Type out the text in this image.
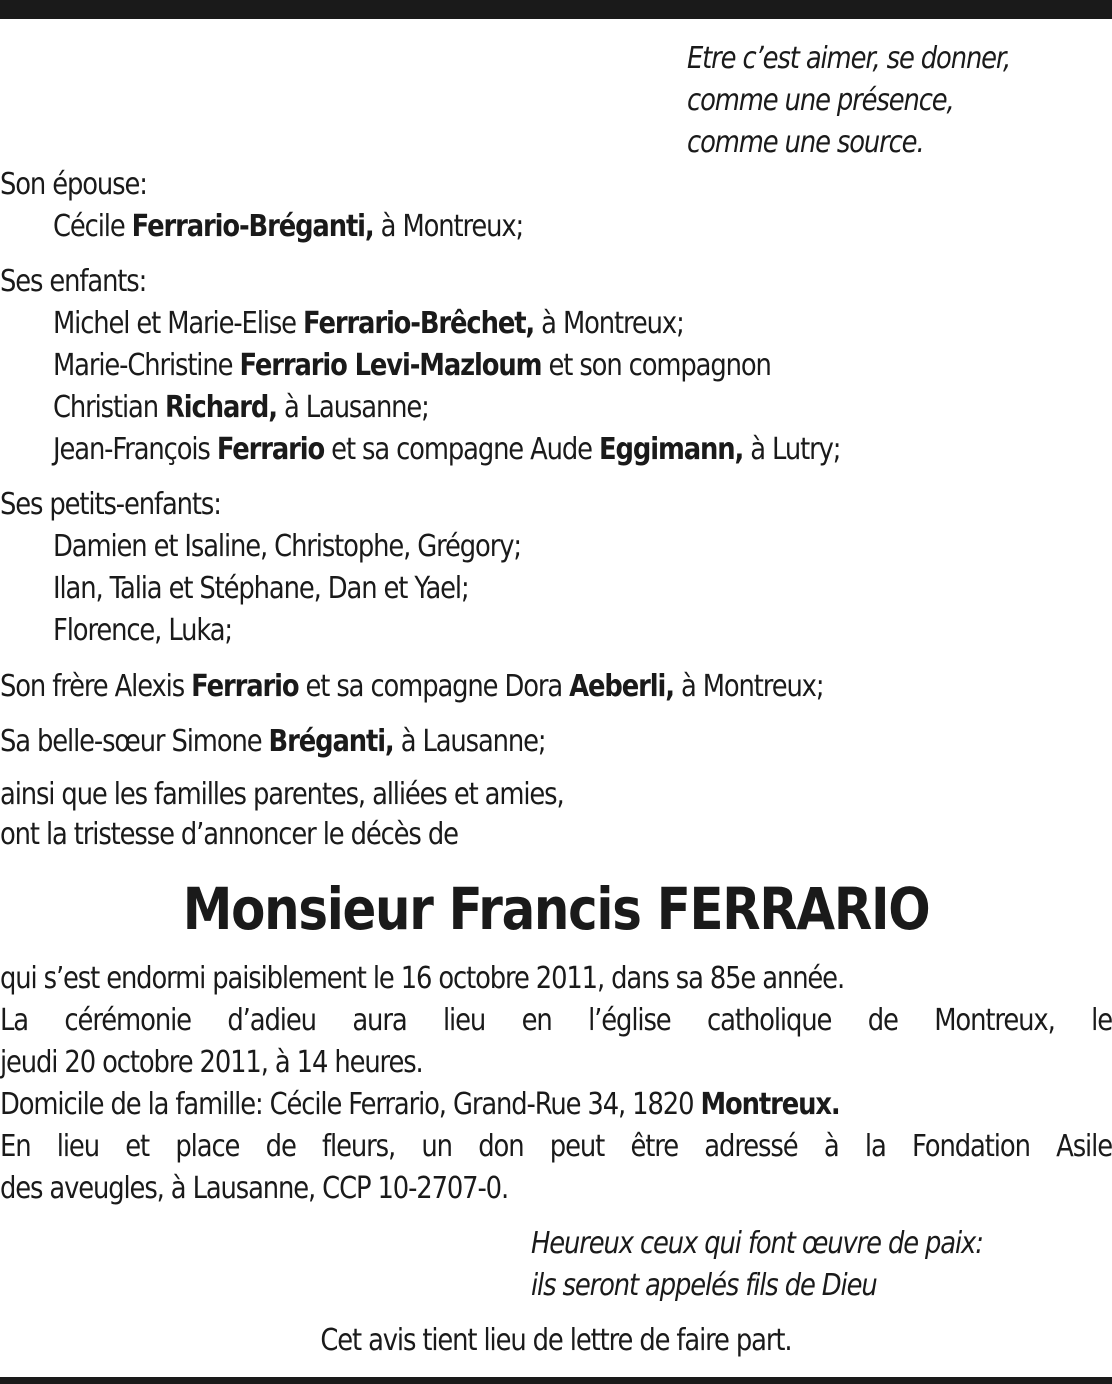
Etre c’est aimer, se donner,
comme une présence,
comme une source.
Son épouse:
Cécile Ferrario-Bréganti, à Montreux;
Ses enfants:
Michel et Marie-Elise Ferrario-Brêchet, à Montreux;
Marie-Christine Ferrario Levi-Mazloum et son compagnon
Christian Richard, à Lausanne;
Jean-François Ferrario et sa compagne Aude Eggimann, à Lutry;
Ses petits-enfants:
Damien et Isaline, Christophe, Grégory;
Ilan, Talia et Stéphane, Dan et Yael;
Florence, Luka;
Son frère Alexis Ferrario et sa compagne Dora Aeberli, à Montreux;
Sa belle-sœur Simone Bréganti, à Lausanne;
ainsi que les familles parentes, alliées et amies,
ont la tristesse d’annoncer le décès de
Monsieur Francis FERRARIO
qui s’est endormi paisiblement le 16 octobre 2011, dans sa 85e année.
La cérémonie d’adieu aura lieu en l’église catholique de Montreux, le
jeudi 20 octobre 2011, à 14 heures.
Domicile de la famille: Cécile Ferrario, Grand-Rue 34, 1820 Montreux.
En lieu et place de fleurs, un don peut être adressé à la Fondation Asile
des aveugles, à Lausanne, CCP 10-2707-0.
Heureux ceux qui font œuvre de paix:
ils seront appelés fils de Dieu
Cet avis tient lieu de lettre de faire part.
